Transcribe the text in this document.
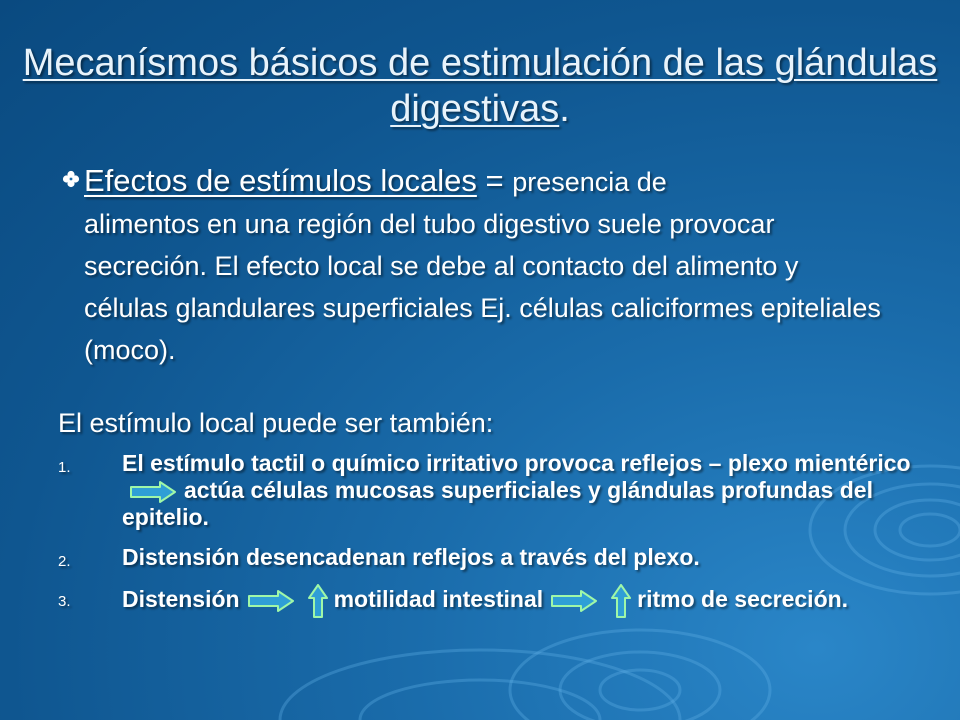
Mecanísmos básicos de estimulación de las glándulas digestivas.
Efectos de estímulos locales = presencia de
alimentos en una región del tubo digestivo suele provocar secreción. El efecto local se debe al contacto del alimento y células glandulares superficiales Ej. células caliciformes epiteliales (moco).
El estímulo local puede ser también:
1. El estímulo tactil o químico irritativo provoca reflejos – plexo mientéricoactúa células mucosas superficiales y glándulas profundas del epitelio.
2. Distensión desencadenan reflejos a través del plexo.
3. Distensión	motilidad intestinal	ritmo de secreción.
